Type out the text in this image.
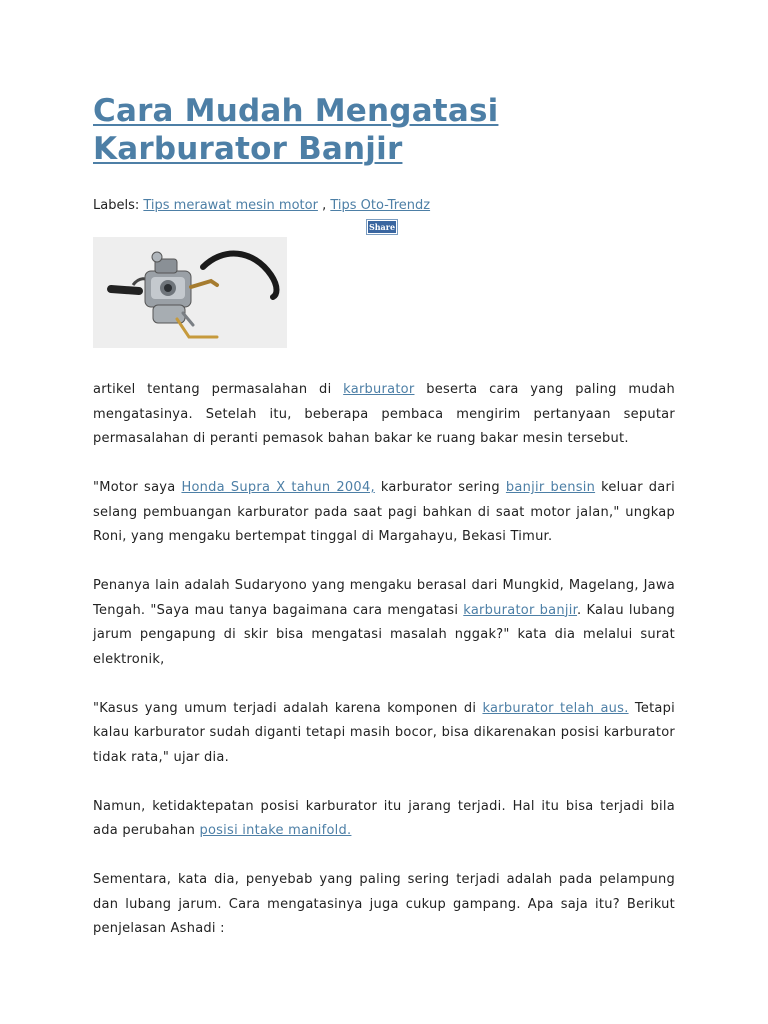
Cara Mudah Mengatasi
Karburator Banjir
Labels: Tips merawat mesin motor , Tips Oto-Trendz
Share

artikel tentang permasalahan di karburator beserta cara yang paling mudah mengatasinya. Setelah itu, beberapa pembaca mengirim pertanyaan seputar permasalahan di peranti pemasok bahan bakar ke ruang bakar mesin tersebut.

"Motor saya Honda Supra X tahun 2004, karburator sering banjir bensin keluar dari selang pembuangan karburator pada saat pagi bahkan di saat motor jalan," ungkap Roni, yang mengaku bertempat tinggal di Margahayu, Bekasi Timur.

Penanya lain adalah Sudaryono yang mengaku berasal dari Mungkid, Magelang, Jawa Tengah. "Saya mau tanya bagaimana cara mengatasi karburator banjir. Kalau lubang jarum pengapung di skir bisa mengatasi masalah nggak?" kata dia melalui surat elektronik,

"Kasus yang umum terjadi adalah karena komponen di karburator telah aus. Tetapi kalau karburator sudah diganti tetapi masih bocor, bisa dikarenakan posisi karburator tidak rata," ujar dia.

Namun, ketidaktepatan posisi karburator itu jarang terjadi. Hal itu bisa terjadi bila ada perubahan posisi intake manifold.

Sementara, kata dia, penyebab yang paling sering terjadi adalah pada pelampung dan lubang jarum. Cara mengatasinya juga cukup gampang. Apa saja itu? Berikut penjelasan Ashadi :
